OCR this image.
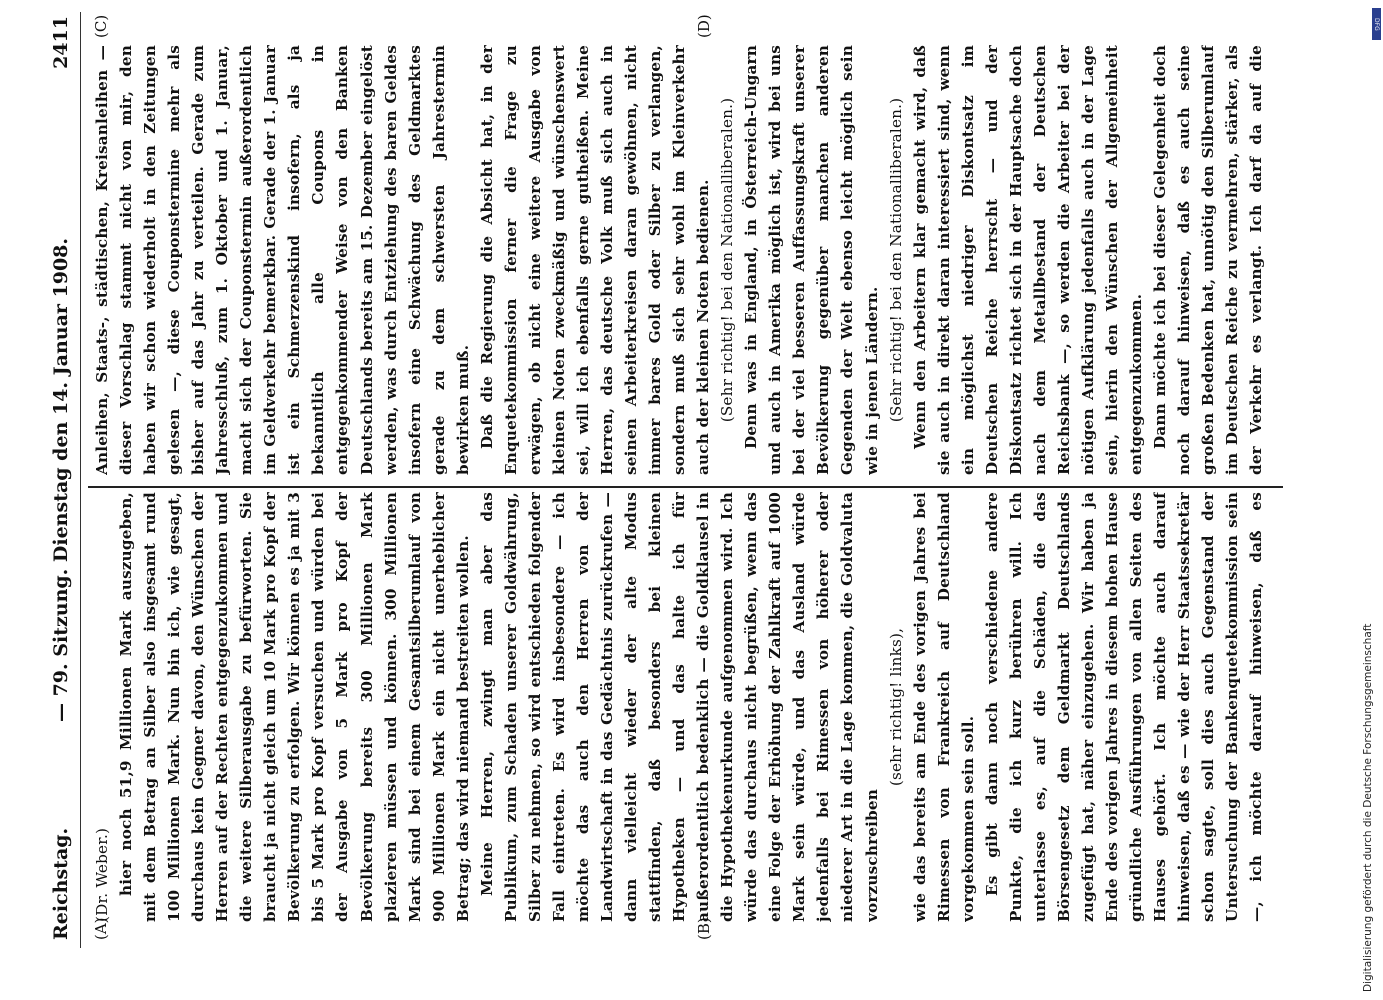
Reichstag.
— 79. Sitzung. Dienstag den 14. Januar 1908.
2411
(A)	(B)
(C)	(D)

(Dr. Weber.) hier noch 51,9 Millionen Mark auszugeben, mit dem Betrag an Silber also insgesamt rund 100 Millionen Mark. Nun bin ich, wie gesagt, durchaus kein Gegner davon, den Wünschen der Herren auf der Rechten entgegenzukommen und die weitere Silberausgabe zu befürworten. Sie braucht ja nicht gleich um 10 Mark pro Kopf der Bevölkerung zu erfolgen. Wir können es ja mit 3 bis 5 Mark pro Kopf versuchen und würden bei der Ausgabe von 5 Mark pro Kopf der Bevölkerung bereits 300 Millionen Mark plazieren müssen und können. 300 Millionen Mark sind bei einem Gesamtsilberumlauf von 900 Millionen Mark ein nicht unerheblicher Betrag; das wird niemand bestreiten wollen. Meine Herren, zwingt man aber das Publikum, zum Schaden unserer Goldwährung, Silber zu nehmen, so wird entschieden folgender Fall eintreten. Es wird insbesondere — ich möchte das auch den Herren von der Landwirtschaft in das Gedächtnis zurückrufen — dann vielleicht wieder der alte Modus stattfinden, daß besonders bei kleinen Hypotheken — und das halte ich für außerordentlich bedenklich — die Goldklausel in die Hypothekenurkunde aufgenommen wird. Ich würde das durchaus nicht begrüßen, wenn das eine Folge der Erhöhung der Zahlkraft auf 1000 Mark sein würde, und das Ausland würde jedenfalls bei Rimessen von höherer oder niederer Art in die Lage kommen, die Goldvaluta vorzuschreiben

(sehr richtig! links), wie das bereits am Ende des vorigen Jahres bei Rimessen von Frankreich auf Deutschland vorgekommen sein soll. Es gibt dann noch verschiedene andere Punkte, die ich kurz berühren will. Ich unterlasse es, auf die Schäden, die das Börsengesetz dem Geldmarkt Deutschlands zugefügt hat, näher einzugehen. Wir haben ja Ende des vorigen Jahres in diesem hohen Hause gründliche Ausführungen von allen Seiten des Hauses gehört. Ich möchte auch darauf hinweisen, daß es — wie der Herr Staatssekretär schon sagte, soll dies auch Gegenstand der Untersuchung der Bankenquetekommission sein —, ich möchte darauf hinweisen, daß es

Anleihen, Staats-, städtischen, Kreisanleihen — dieser Vorschlag stammt nicht von mir, den haben wir schon wiederholt in den Zeitungen gelesen —, diese Couponstermine mehr als bisher auf das Jahr zu verteilen. Gerade zum Jahresschluß, zum 1. Oktober und 1. Januar, macht sich der Couponstermin außerordentlich im Geldverkehr bemerkbar. Gerade der 1. Januar ist ein Schmerzenskind insofern, als ja bekanntlich alle Coupons in entgegenkommender Weise von den Banken Deutschlands bereits am 15. Dezember eingelöst werden, was durch Entziehung des baren Geldes insofern eine Schwächung des Geldmarktes gerade zu dem schwersten Jahrestermin bewirken muß. Daß die Regierung die Absicht hat, in der Enquetekommission ferner die Frage zu erwägen, ob nicht eine weitere Ausgabe von kleinen Noten zweckmäßig und wünschenswert sei, will ich ebenfalls gerne gutheißen. Meine Herren, das deutsche Volk muß sich auch in seinen Arbeiterkreisen daran gewöhnen, nicht immer bares Gold oder Silber zu verlangen, sondern muß sich sehr wohl im Kleinverkehr auch der kleinen Noten bedienen. (Sehr richtig! bei den Nationalliberalen.) Denn was in England, in Österreich-Ungarn und auch in Amerika möglich ist, wird bei uns bei der viel besseren Auffassungskraft unserer Bevölkerung gegenüber manchen anderen Gegenden der Welt ebenso leicht möglich sein wie in jenen Ländern. (Sehr richtig! bei den Nationalliberalen.) Wenn den Arbeitern klar gemacht wird, daß sie auch in direkt daran interessiert sind, wenn ein möglichst niedriger Diskontsatz im Deutschen Reiche herrscht — und der Diskontsatz richtet sich in der Hauptsache doch nach dem Metallbestand der Deutschen Reichsbank —, so werden die Arbeiter bei der nötigen Aufklärung jedenfalls auch in der Lage sein, hierin den Wünschen der Allgemeinheit entgegenzukommen. Dann möchte ich bei dieser Gelegenheit doch noch darauf hinweisen, daß es auch seine großen Bedenken hat, unnötig den Silberumlauf im Deutschen Reiche zu vermehren, stärker, als der Verkehr es verlangt. Ich darf da auf die

Digitalisierung gefördert durch die Deutsche Forschungsgemeinschaft
DFG
